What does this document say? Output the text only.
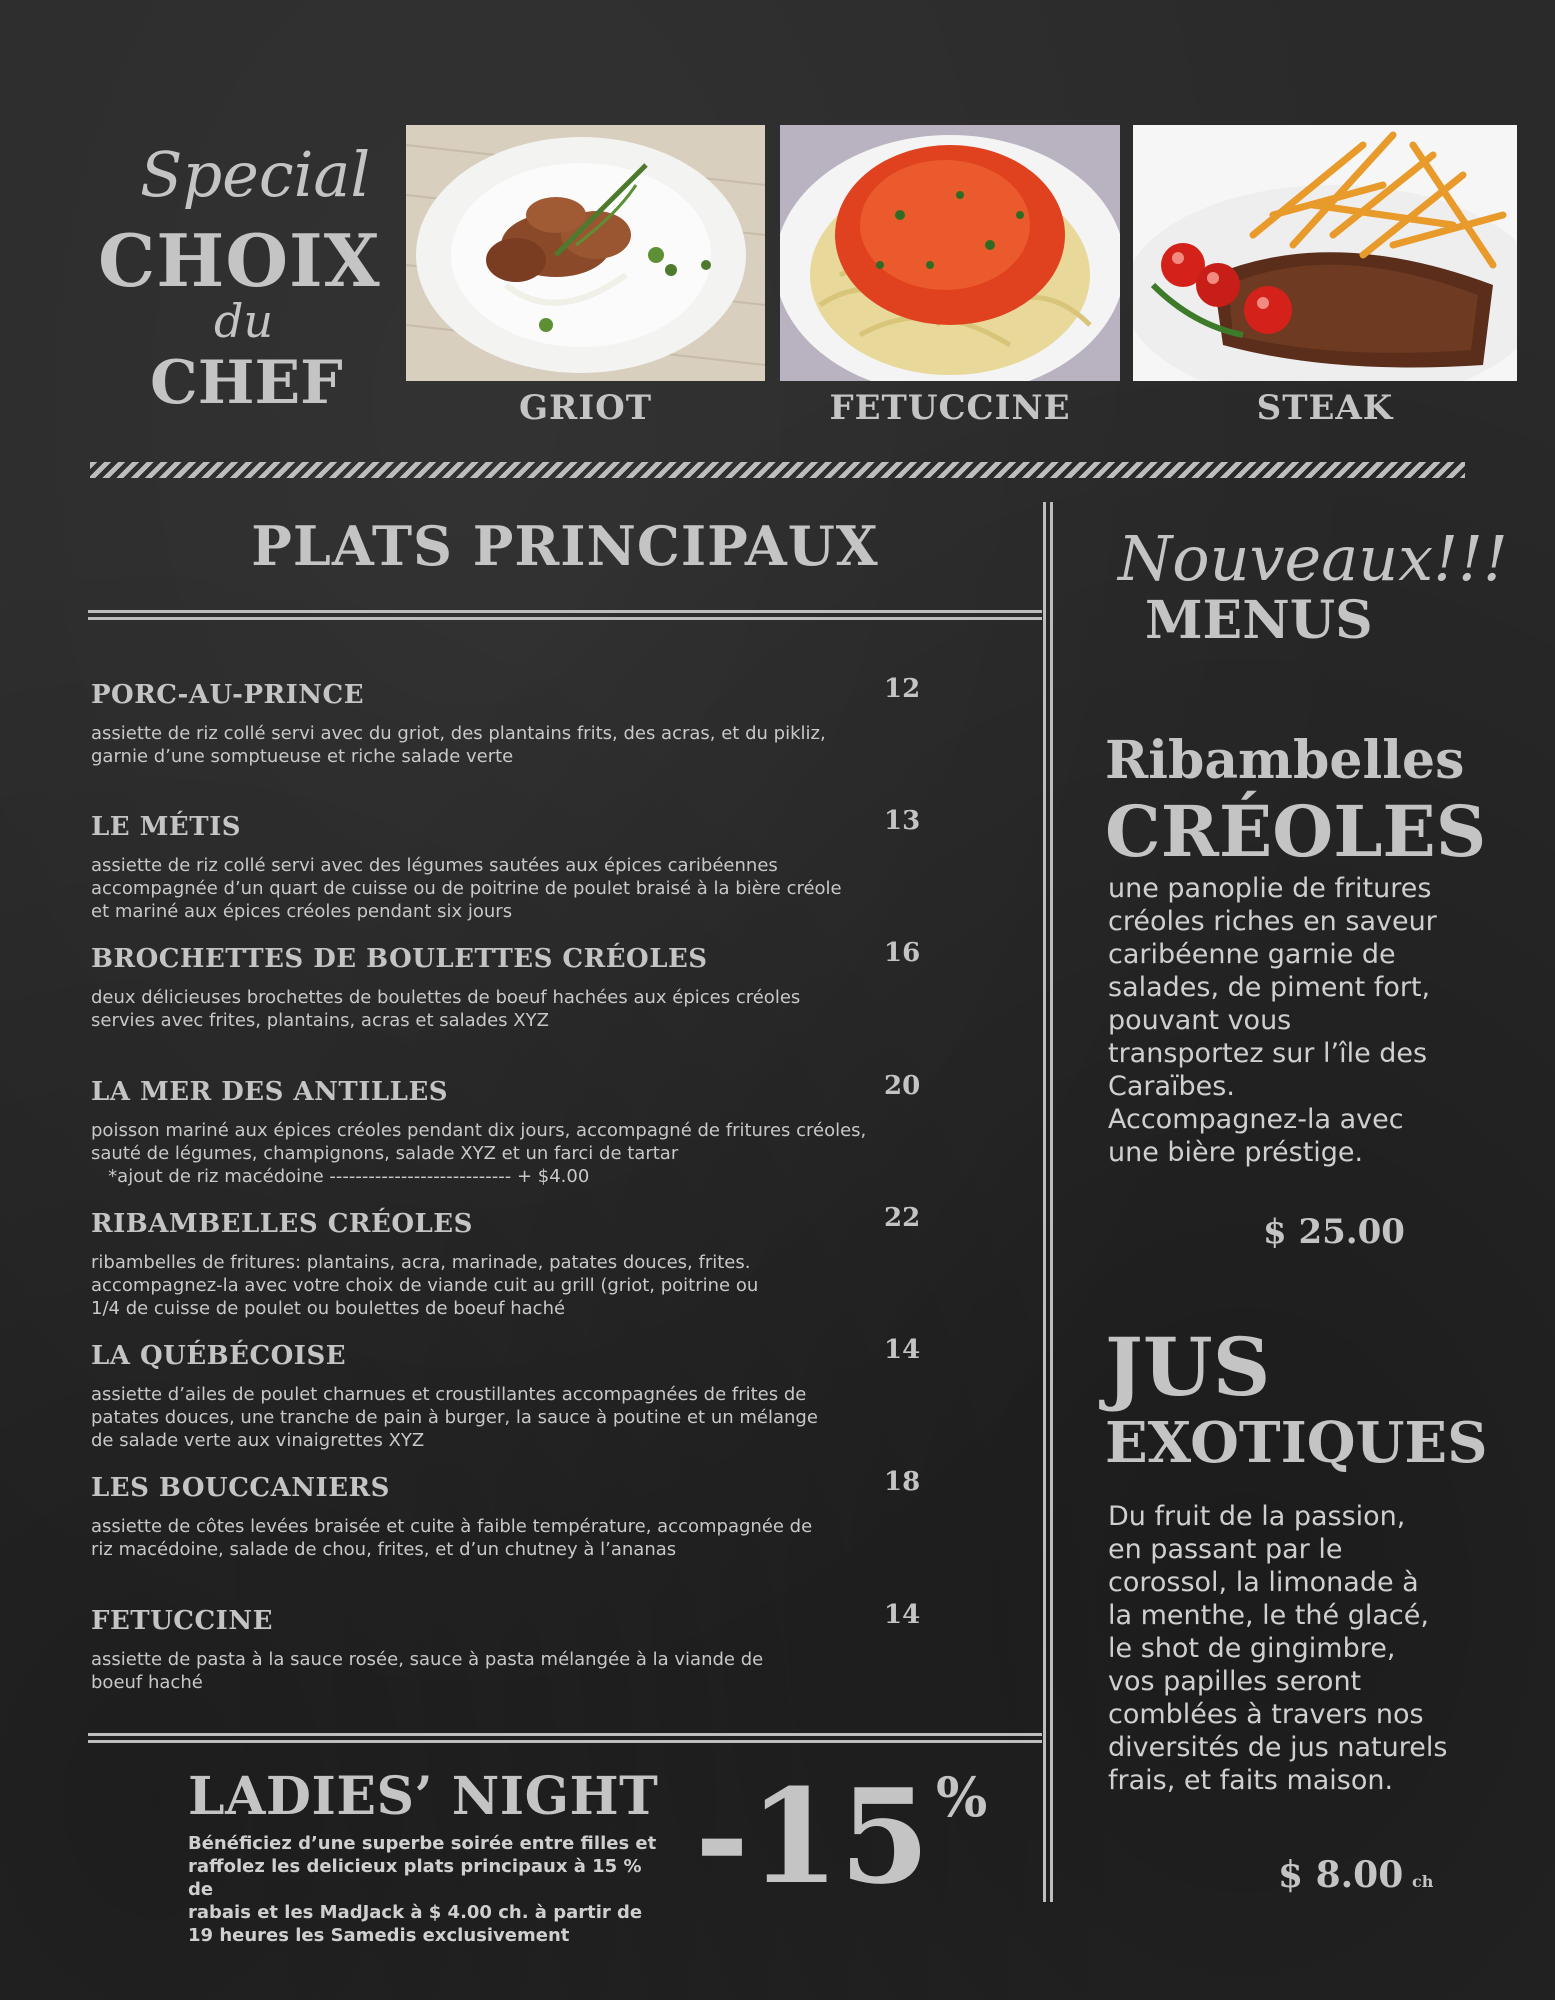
Special
CHOIX
du
CHEF	GRIOT	FETUCCINE	STEAK
PLATS PRINCIPAUX
PORC-AU-PRINCE	12
assiette de riz collé servi avec du griot, des plantains frits, des acras, et du pikliz,
garnie d’une somptueuse et riche salade verte
LE MÉTIS	13
assiette de riz collé servi avec des légumes sautées aux épices caribéennes
accompagnée d’un quart de cuisse ou de poitrine de poulet braisé à la bière créole
et mariné aux épices créoles pendant six jours
BROCHETTES DE BOULETTES CRÉOLES	16
deux délicieuses brochettes de boulettes de boeuf hachées aux épices créoles
servies avec frites, plantains, acras et salades XYZ
LA MER DES ANTILLES	20
poisson mariné aux épices créoles pendant dix jours, accompagné de fritures créoles,
sauté de légumes, champignons, salade XYZ et un farci de tartar
*ajout de riz macédoine ---------------------------- + $4.00
RIBAMBELLES CRÉOLES	22
ribambelles de fritures: plantains, acra, marinade, patates douces, frites.
accompagnez-la avec votre choix de viande cuit au grill (griot, poitrine ou
1/4 de cuisse de poulet ou boulettes de boeuf haché
LA QUÉBÉCOISE	14
assiette d’ailes de poulet charnues et croustillantes accompagnées de frites de
patates douces, une tranche de pain à burger, la sauce à poutine et un mélange
de salade verte aux vinaigrettes XYZ
LES BOUCCANIERS	18
assiette de côtes levées braisée et cuite à faible température, accompagnée de
riz macédoine, salade de chou, frites, et d’un chutney à l’ananas
FETUCCINE	14
assiette de pasta à la sauce rosée, sauce à pasta mélangée à la viande de
boeuf haché
Nouveaux!!!
MENUS
Ribambelles
CRÉOLES
une panoplie de fritures
créoles riches en saveur
caribéenne garnie de
salades, de piment fort,
pouvant vous
transportez sur l’île des
Caraïbes.
Accompagnez-la avec
une bière préstige.
$ 25.00
JUS
EXOTIQUES
Du fruit de la passion,
en passant par le
corossol, la limonade à
la menthe, le thé glacé,
le shot de gingimbre,
vos papilles seront
comblées à travers nos
diversités de jus naturels
frais, et faits maison.
$ 8.00 ch
LADIES’ NIGHT
Bénéficiez d’une superbe soirée entre filles et
raffolez les delicieux plats principaux à 15 % de
rabais et les MadJack à $ 4.00 ch. à partir de
19 heures les Samedis exclusivement
-15 %
